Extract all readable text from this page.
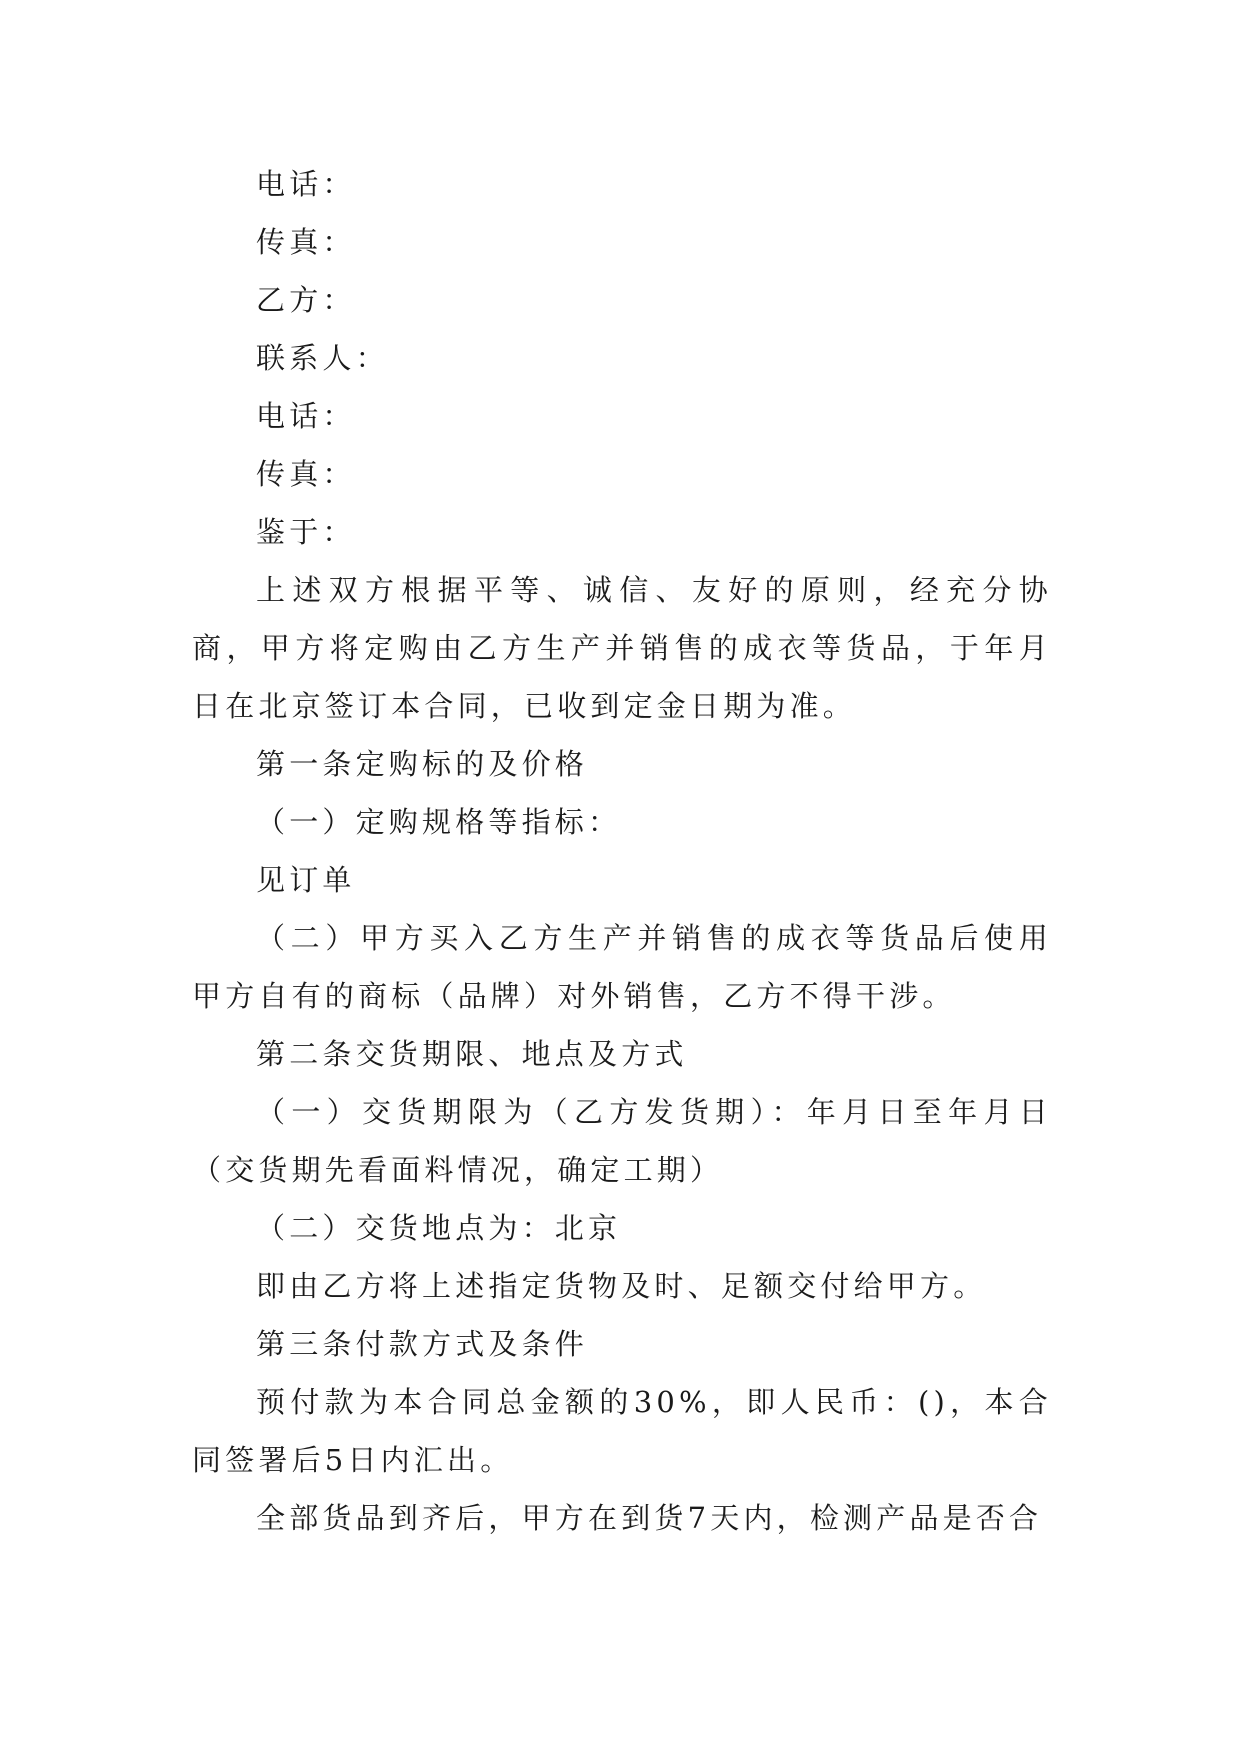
电话：

传真：

乙方：

联系人：

电话：

传真：

鉴于：

上述双方根据平等、诚信、友好的原则，经充分协商，甲方将定购由乙方生产并销售的成衣等货品，于年月日在北京签订本合同，已收到定金日期为准。

第一条定购标的及价格

（一）定购规格等指标：

见订单

（二）甲方买入乙方生产并销售的成衣等货品后使用甲方自有的商标（品牌）对外销售，乙方不得干涉。

第二条交货期限、地点及方式

（一）交货期限为（乙方发货期）：年月日至年月日（交货期先看面料情况，确定工期）

（二）交货地点为：北京

即由乙方将上述指定货物及时、足额交付给甲方。

第三条付款方式及条件

预付款为本合同总金额的30%，即人民币：()，本合同签署后5日内汇出。

全部货品到齐后，甲方在到货7天内，检测产品是否合
